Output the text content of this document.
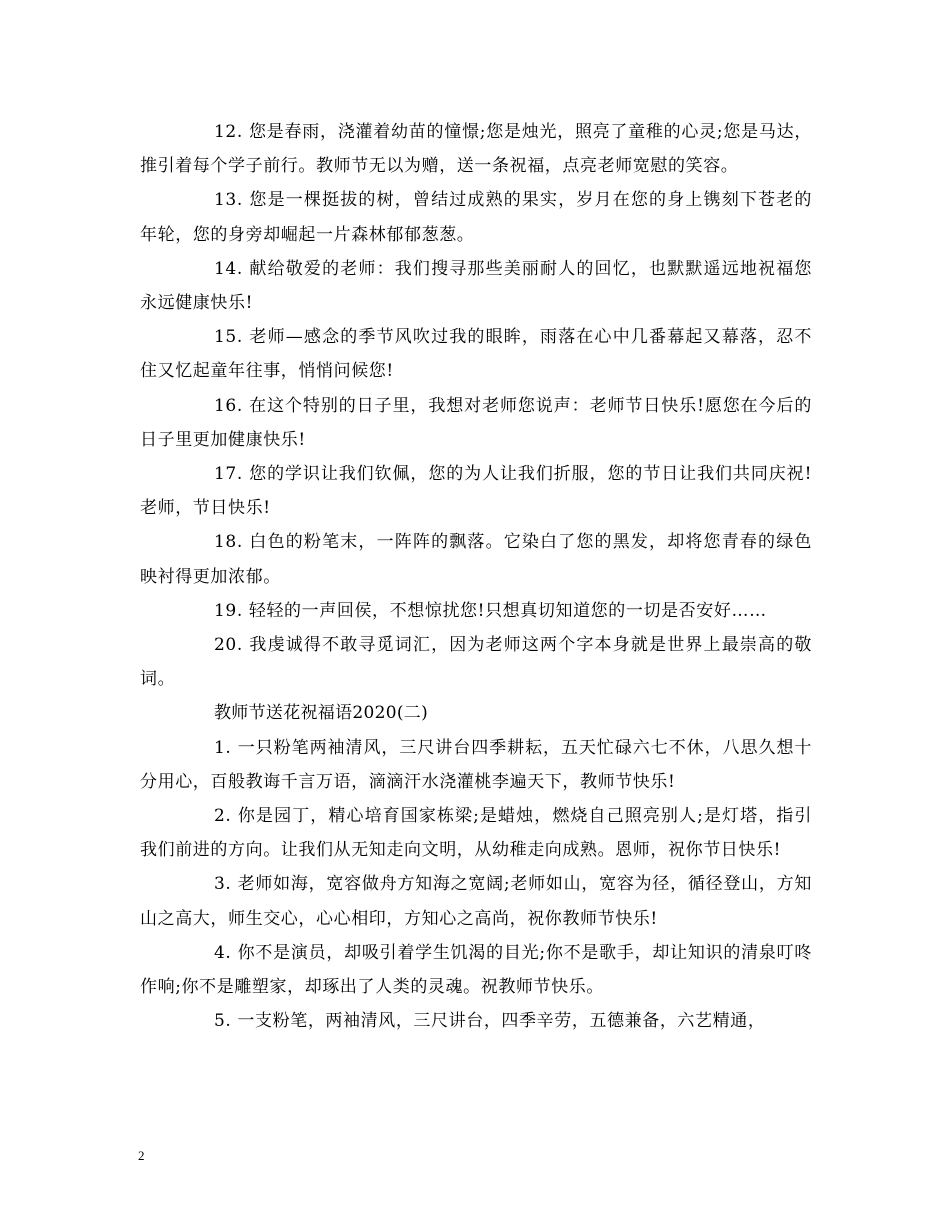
12. 您是春雨，浇灌着幼苗的憧憬;您是烛光，照亮了童稚的心灵;您是马达，推引着每个学子前行。教师节无以为赠，送一条祝福，点亮老师宽慰的笑容。

13. 您是一棵挺拔的树，曾结过成熟的果实，岁月在您的身上镌刻下苍老的年轮，您的身旁却崛起一片森林郁郁葱葱。

14. 献给敬爱的老师：我们搜寻那些美丽耐人的回忆，也默默遥远地祝福您永远健康快乐!

15. 老师—感念的季节风吹过我的眼眸，雨落在心中几番幕起又幕落，忍不住又忆起童年往事，悄悄问候您!

16. 在这个特别的日子里，我想对老师您说声：老师节日快乐!愿您在今后的日子里更加健康快乐!

17. 您的学识让我们钦佩，您的为人让我们折服，您的节日让我们共同庆祝!老师，节日快乐!

18. 白色的粉笔末，一阵阵的飘落。它染白了您的黑发，却将您青春的绿色映衬得更加浓郁。

19. 轻轻的一声回侯，不想惊扰您!只想真切知道您的一切是否安好……

20. 我虔诚得不敢寻觅词汇，因为老师这两个字本身就是世界上最崇高的敬词。

教师节送花祝福语2020(二)

1. 一只粉笔两袖清风，三尺讲台四季耕耘，五天忙碌六七不休，八思久想十分用心，百般教诲千言万语，滴滴汗水浇灌桃李遍天下，教师节快乐!

2. 你是园丁，精心培育国家栋梁;是蜡烛，燃烧自己照亮别人;是灯塔，指引我们前进的方向。让我们从无知走向文明，从幼稚走向成熟。恩师，祝你节日快乐!

3. 老师如海，宽容做舟方知海之宽阔;老师如山，宽容为径，循径登山，方知山之高大，师生交心，心心相印，方知心之高尚，祝你教师节快乐!

4. 你不是演员，却吸引着学生饥渴的目光;你不是歌手，却让知识的清泉叮咚作响;你不是雕塑家，却琢出了人类的灵魂。祝教师节快乐。

5. 一支粉笔，两袖清风，三尺讲台，四季辛劳，五德兼备，六艺精通，

2
